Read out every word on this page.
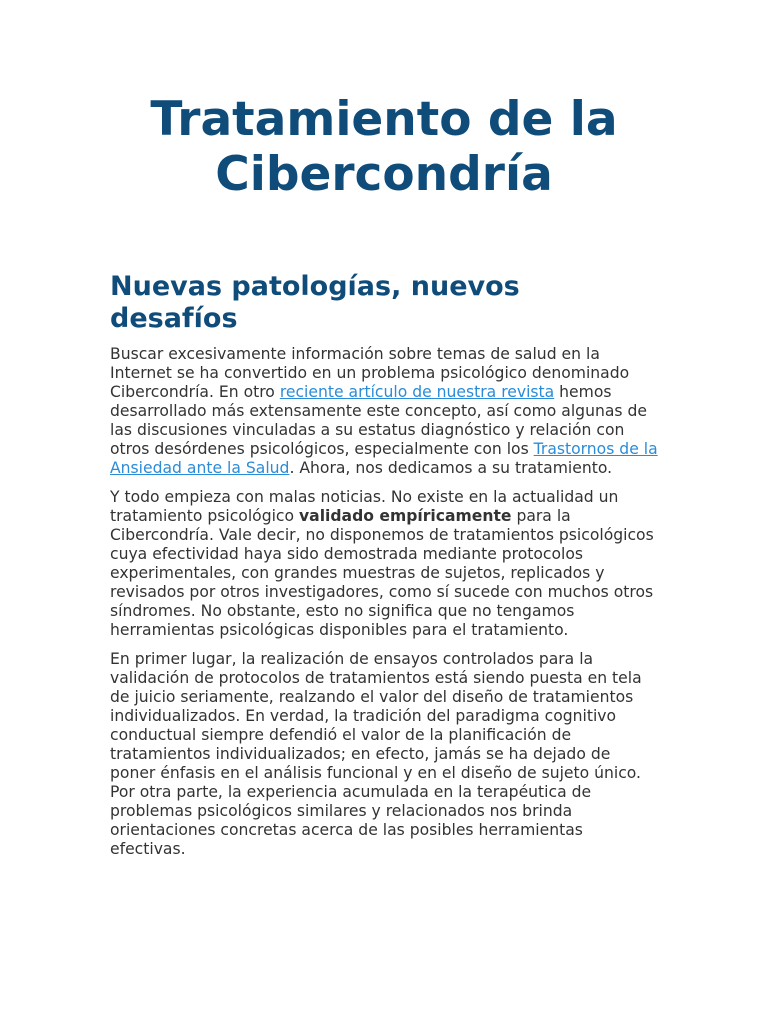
Tratamiento de la Cibercondría
Nuevas patologías, nuevos desafíos

Buscar excesivamente información sobre temas de salud en la Internet se ha convertido en un problema psicológico denominado Cibercondría. En otro reciente artículo de nuestra revista hemos desarrollado más extensamente este concepto, así como algunas de las discusiones vinculadas a su estatus diagnóstico y relación con otros desórdenes psicológicos, especialmente con los Trastornos de la Ansiedad ante la Salud. Ahora, nos dedicamos a su tratamiento.

Y todo empieza con malas noticias. No existe en la actualidad un tratamiento psicológico validado empíricamente para la Cibercondría. Vale decir, no disponemos de tratamientos psicológicos cuya efectividad haya sido demostrada mediante protocolos experimentales, con grandes muestras de sujetos, replicados y revisados por otros investigadores, como sí sucede con muchos otros síndromes. No obstante, esto no significa que no tengamos herramientas psicológicas disponibles para el tratamiento.

En primer lugar, la realización de ensayos controlados para la validación de protocolos de tratamientos está siendo puesta en tela de juicio seriamente, realzando el valor del diseño de tratamientos individualizados. En verdad, la tradición del paradigma cognitivo conductual siempre defendió el valor de la planificación de tratamientos individualizados; en efecto, jamás se ha dejado de poner énfasis en el análisis funcional y en el diseño de sujeto único. Por otra parte, la experiencia acumulada en la terapéutica de problemas psicológicos similares y relacionados nos brinda orientaciones concretas acerca de las posibles herramientas efectivas.
